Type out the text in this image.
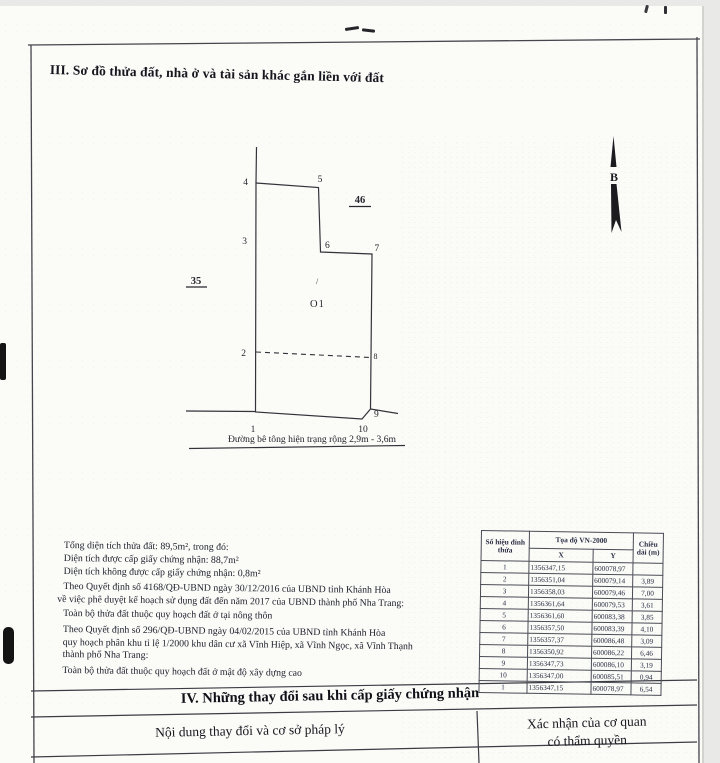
1
2
3
4	5
6	7
8
9
10
35
46
/
O1
Đường bê tông hiện trạng rộng 2,9m - 3,6m
B
III. Sơ đồ thửa đất, nhà ở và tài sản khác gắn liền với đất
Tổng diện tích thửa đất: 89,5m², trong đó:
Diện tích được cấp giấy chứng nhận: 88,7m²
Diện tích không được cấp giấy chứng nhận: 0,8m²
Theo Quyết định số 4168/QĐ-UBND ngày 30/12/2016 của UBND tỉnh Khánh Hòa
về việc phê duyệt kế hoạch sử dụng đất đến năm 2017 của UBND thành phố Nha Trang:
Toàn bộ thửa đất thuộc quy hoạch đất ở tại nông thôn
Theo Quyết định số 296/QĐ-UBND ngày 04/02/2015 của UBND tỉnh Khánh Hòa
quy hoạch phân khu tỉ lệ 1/2000 khu dân cư xã Vĩnh Hiệp, xã Vĩnh Ngọc, xã Vĩnh Thạnh
thành phố Nha Trang:
Toàn bộ thửa đất thuộc quy hoạch đất ở mật độ xây dựng cao
Số hiệu đỉnh thửa	Tọa độ VN-2000		Chiều dài (m)
	X	Y	
1	1356347,15	600078,97	
2	1356351,04	600079,14	3,89
3	1356358,03	600079,46	7,00
4	1356361,64	600079,53	3,61
5	1356361,60	600083,38	3,85
6	1356357,50	600083,39	4,10
7	1356357,37	600086,48	3,09
8	1356350,92	600086,22	6,46
9	1356347,73	600086,10	3,19
10	1356347,00	600085,51	0,94
1	1356347,15	600078,97	6,54
IV. Những thay đổi sau khi cấp giấy chứng nhận
Nội dung thay đổi và cơ sở pháp lý	Xác nhận của cơ quan
có thẩm quyền
